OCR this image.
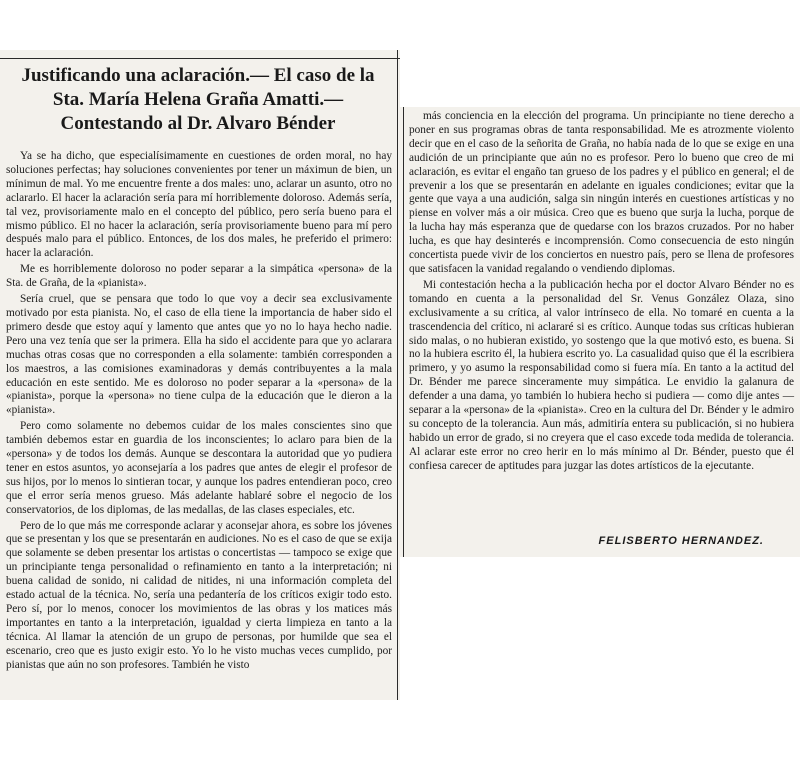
Justificando una aclaración.— El caso de la Sta. María Helena Graña Amatti.— Contestando al Dr. Alvaro Bénder

Ya se ha dicho, que especialísimamente en cuestiones de orden moral, no hay soluciones perfectas; hay soluciones convenientes por tener un máximun de bien, un mínimun de mal. Yo me encuentre frente a dos males: uno, aclarar un asunto, otro no aclararlo. El hacer la aclaración sería para mí horriblemente doloroso. Además sería, tal vez, provisoriamente malo en el concepto del público, pero sería bueno para el mismo público. El no hacer la aclaración, sería provisoriamente bueno para mí pero después malo para el público. Entonces, de los dos males, he preferido el primero: hacer la aclaración.

Me es horriblemente doloroso no poder separar a la simpática «persona» de la Sta. de Graña, de la «pianista».

Sería cruel, que se pensara que todo lo que voy a decir sea exclusivamente motivado por esta pianista. No, el caso de ella tiene la importancia de haber sido el primero desde que estoy aquí y lamento que antes que yo no lo haya hecho nadie. Pero una vez tenía que ser la primera. Ella ha sido el accidente para que yo aclarara muchas otras cosas que no corresponden a ella solamente: también corresponden a los maestros, a las comisiones examinadoras y demás contribuyentes a la mala educación en este sentido. Me es doloroso no poder separar a la «persona» de la «pianista», porque la «persona» no tiene culpa de la educación que le dieron a la «pianista».

Pero como solamente no debemos cuidar de los males conscientes sino que también debemos estar en guardia de los inconscientes; lo aclaro para bien de la «persona» y de todos los demás. Aunque se descontara la autoridad que yo pudiera tener en estos asuntos, yo aconsejaría a los padres que antes de elegir el profesor de sus hijos, por lo menos lo sintieran tocar, y aunque los padres entendieran poco, creo que el error sería menos grueso. Más adelante hablaré sobre el negocio de los conservatorios, de los diplomas, de las medallas, de las clases especiales, etc.

Pero de lo que más me corresponde aclarar y aconsejar ahora, es sobre los jóvenes que se presentan y los que se presentarán en audiciones. No es el caso de que se exija que solamente se deben presentar los artistas o concertistas — tampoco se exige que un principiante tenga personalidad o refinamiento en tanto a la interpretación; ni buena calidad de sonido, ni calidad de nitides, ni una información completa del estado actual de la técnica. No, sería una pedantería de los críticos exigir todo esto. Pero sí, por lo menos, conocer los movimientos de las obras y los matices más importantes en tanto a la interpretación, igualdad y cierta limpieza en tanto a la técnica. Al llamar la atención de un grupo de personas, por humilde que sea el escenario, creo que es justo exigir esto. Yo lo he visto muchas veces cumplido, por pianistas que aún no son profesores. También he visto

más conciencia en la elección del programa. Un principiante no tiene derecho a poner en sus programas obras de tanta responsabilidad. Me es atrozmente violento decir que en el caso de la señorita de Graña, no había nada de lo que se exige en una audición de un principiante que aún no es profesor. Pero lo bueno que creo de mi aclaración, es evitar el engaño tan grueso de los padres y el público en general; el de prevenir a los que se presentarán en adelante en iguales condiciones; evitar que la gente que vaya a una audición, salga sin ningún interés en cuestiones artísticas y no piense en volver más a oir música. Creo que es bueno que surja la lucha, porque de la lucha hay más esperanza que de quedarse con los brazos cruzados. Por no haber lucha, es que hay desinterés e incomprensión. Como consecuencia de esto ningún concertista puede vivir de los conciertos en nuestro país, pero se llena de profesores que satisfacen la vanidad regalando o vendiendo diplomas.

Mi contestación hecha a la publicación hecha por el doctor Alvaro Bénder no es tomando en cuenta a la personalidad del Sr. Venus González Olaza, sino exclusivamente a su crítica, al valor intrínseco de ella. No tomaré en cuenta a la trascendencia del crítico, ni aclararé si es crítico. Aunque todas sus críticas hubieran sido malas, o no hubieran existido, yo sostengo que la que motivó esto, es buena. Si no la hubiera escrito él, la hubiera escrito yo. La casualidad quiso que él la escribiera primero, y yo asumo la responsabilidad como si fuera mía. En tanto a la actitud del Dr. Bénder me parece sinceramente muy simpática. Le envidio la galanura de defender a una dama, yo también lo hubiera hecho si pudiera — como dije antes — separar a la «persona» de la «pianista». Creo en la cultura del Dr. Bénder y le admiro su concepto de la tolerancia. Aun más, admitiría entera su publicación, si no hubiera habido un error de grado, si no creyera que el caso excede toda medida de tolerancia. Al aclarar este error no creo herir en lo más mínimo al Dr. Bénder, puesto que él confiesa carecer de aptitudes para juzgar las dotes artísticos de la ejecutante.

FELISBERTO HERNANDEZ.
